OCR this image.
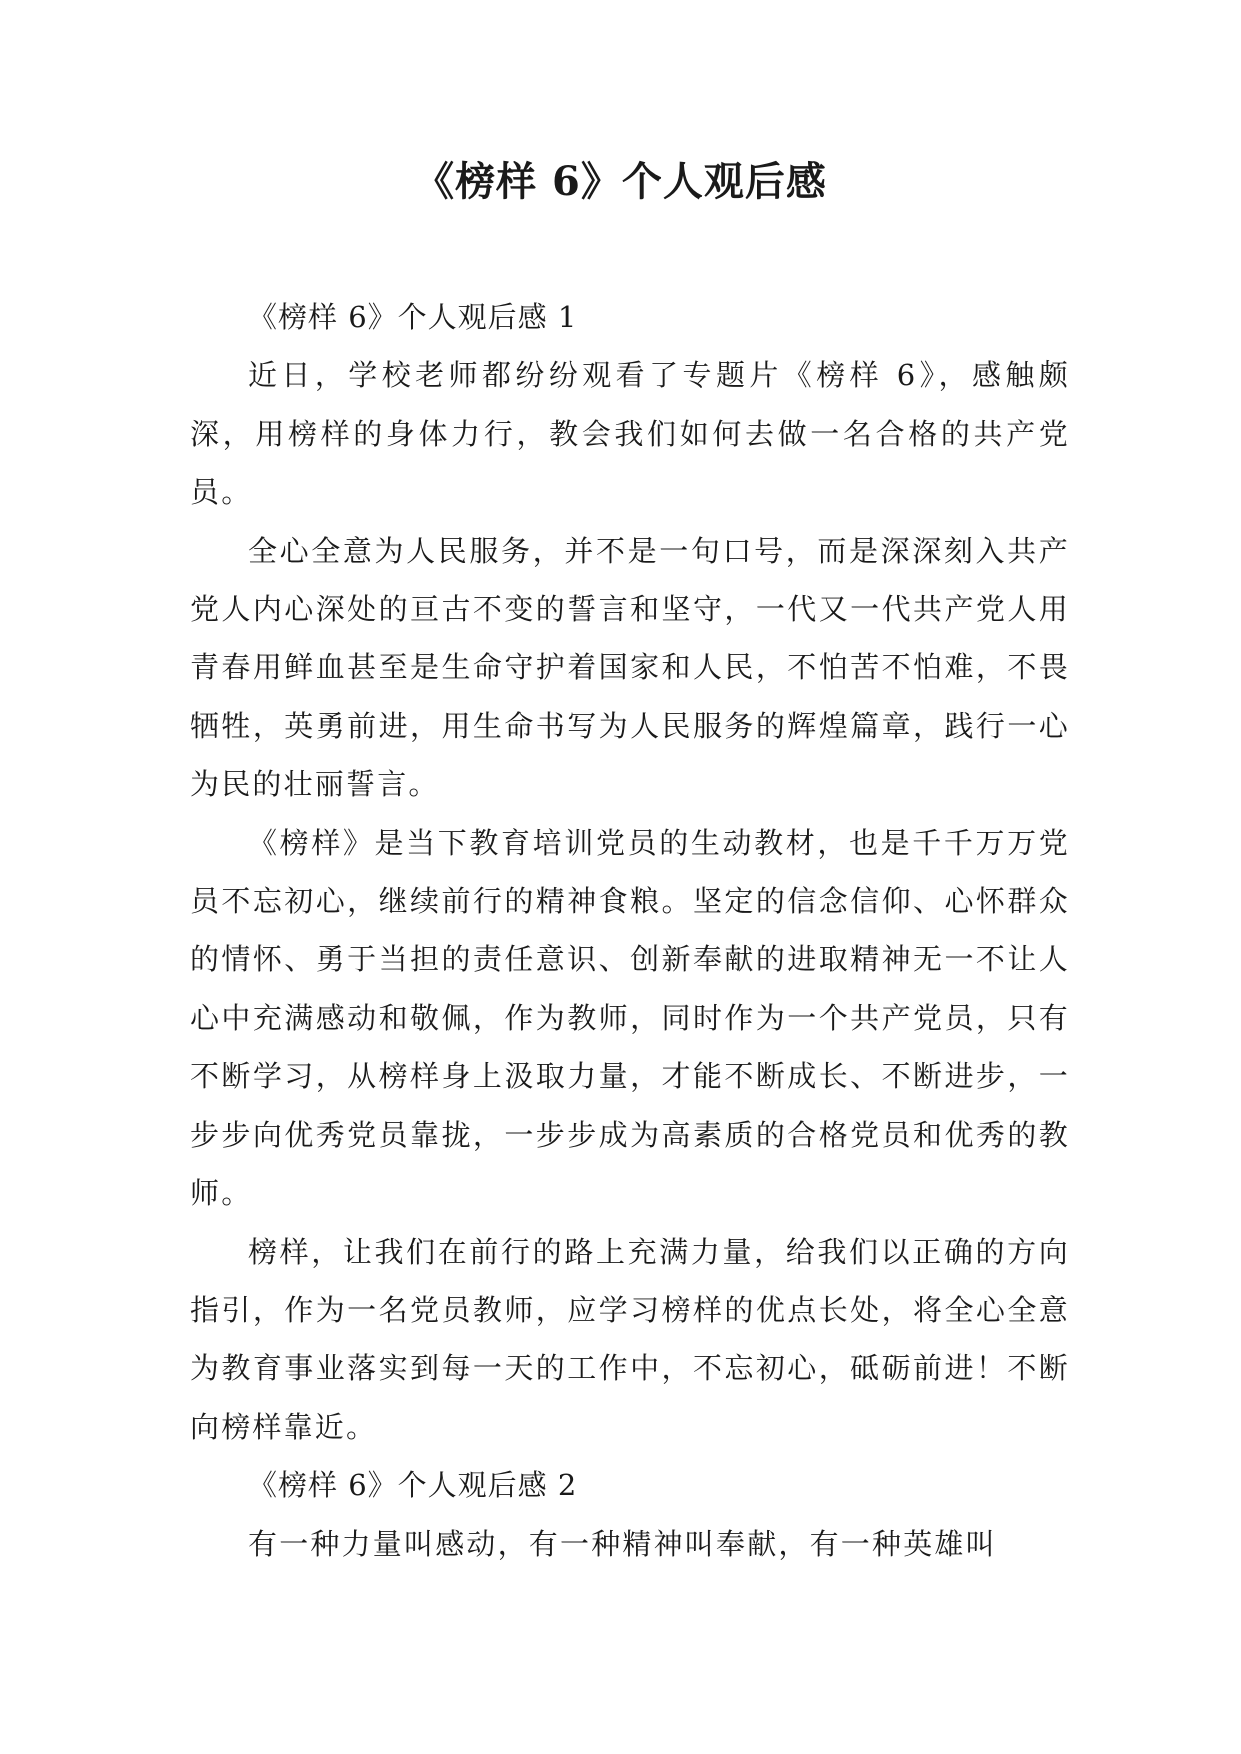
《榜样 6》个人观后感

《榜样 6》个人观后感 1

近日，学校老师都纷纷观看了专题片《榜样 6》，感触颇深，用榜样的身体力行，教会我们如何去做一名合格的共产党员。

全心全意为人民服务，并不是一句口号，而是深深刻入共产党人内心深处的亘古不变的誓言和坚守，一代又一代共产党人用青春用鲜血甚至是生命守护着国家和人民，不怕苦不怕难，不畏牺牲，英勇前进，用生命书写为人民服务的辉煌篇章，践行一心为民的壮丽誓言。

《榜样》是当下教育培训党员的生动教材，也是千千万万党员不忘初心，继续前行的精神食粮。坚定的信念信仰、心怀群众的情怀、勇于当担的责任意识、创新奉献的进取精神无一不让人心中充满感动和敬佩，作为教师，同时作为一个共产党员，只有不断学习，从榜样身上汲取力量，才能不断成长、不断进步，一步步向优秀党员靠拢，一步步成为高素质的合格党员和优秀的教师。

榜样，让我们在前行的路上充满力量，给我们以正确的方向指引，作为一名党员教师，应学习榜样的优点长处，将全心全意为教育事业落实到每一天的工作中，不忘初心，砥砺前进！不断向榜样靠近。

《榜样 6》个人观后感 2

有一种力量叫感动，有一种精神叫奉献，有一种英雄叫
